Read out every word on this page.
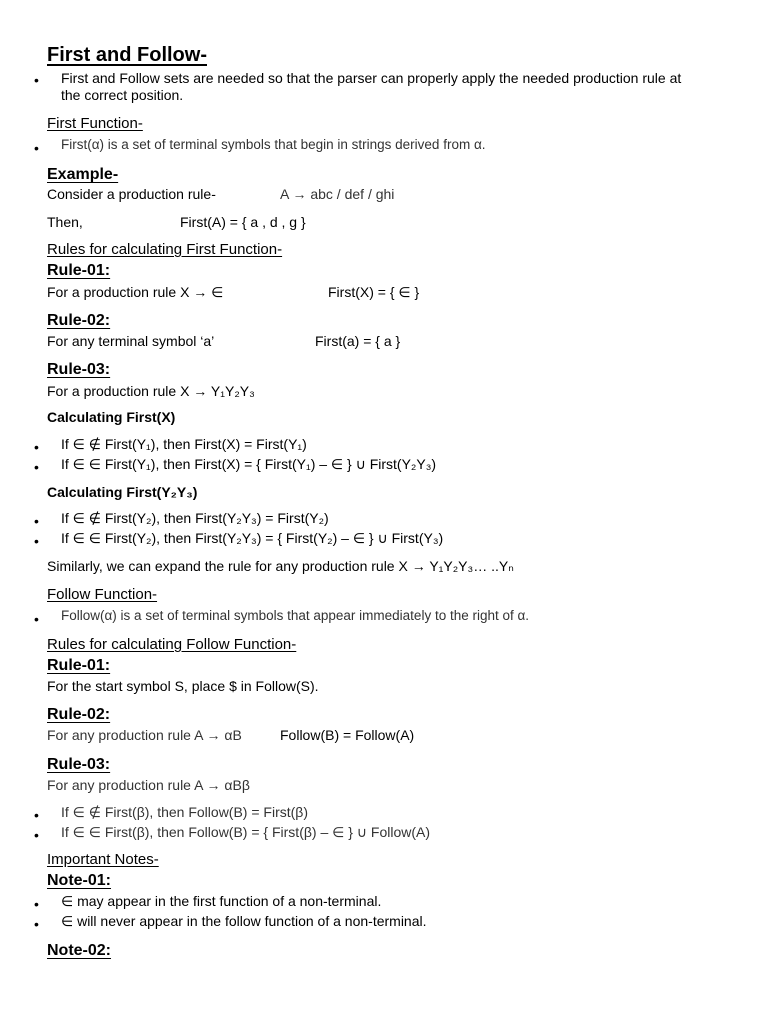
First and Follow-
• First and Follow sets are needed so that the parser can properly apply the needed production rule at
the correct position.
First Function-
• First(α) is a set of terminal symbols that begin in strings derived from α.
Example-
Consider a production rule-	A → abc / def / ghi
Then,	First(A) = { a , d , g }
Rules for calculating First Function-
Rule-01:
For a production rule X → ∈	First(X) = { ∈ }
Rule-02:
For any terminal symbol ‘a’	First(a) = { a }
Rule-03:
For a production rule X → Y₁Y₂Y₃
Calculating First(X)
• If ∈ ∉ First(Y₁), then First(X) = First(Y₁)
• If ∈ ∈ First(Y₁), then First(X) = { First(Y₁) – ∈ } ∪ First(Y₂Y₃)
Calculating First(Y₂Y₃)
• If ∈ ∉ First(Y₂), then First(Y₂Y₃) = First(Y₂)
• If ∈ ∈ First(Y₂), then First(Y₂Y₃) = { First(Y₂) – ∈ } ∪ First(Y₃)
Similarly, we can expand the rule for any production rule X → Y₁Y₂Y₃… ..Yₙ
Follow Function-
• Follow(α) is a set of terminal symbols that appear immediately to the right of α.
Rules for calculating Follow Function-
Rule-01:
For the start symbol S, place $ in Follow(S).
Rule-02:
For any production rule A → αB	Follow(B) = Follow(A)
Rule-03:
For any production rule A → αBβ
• If ∈ ∉ First(β), then Follow(B) = First(β)
• If ∈ ∈ First(β), then Follow(B) = { First(β) – ∈ } ∪ Follow(A)
Important Notes-
Note-01:
• ∈ may appear in the first function of a non-terminal.
• ∈ will never appear in the follow function of a non-terminal.
Note-02:
